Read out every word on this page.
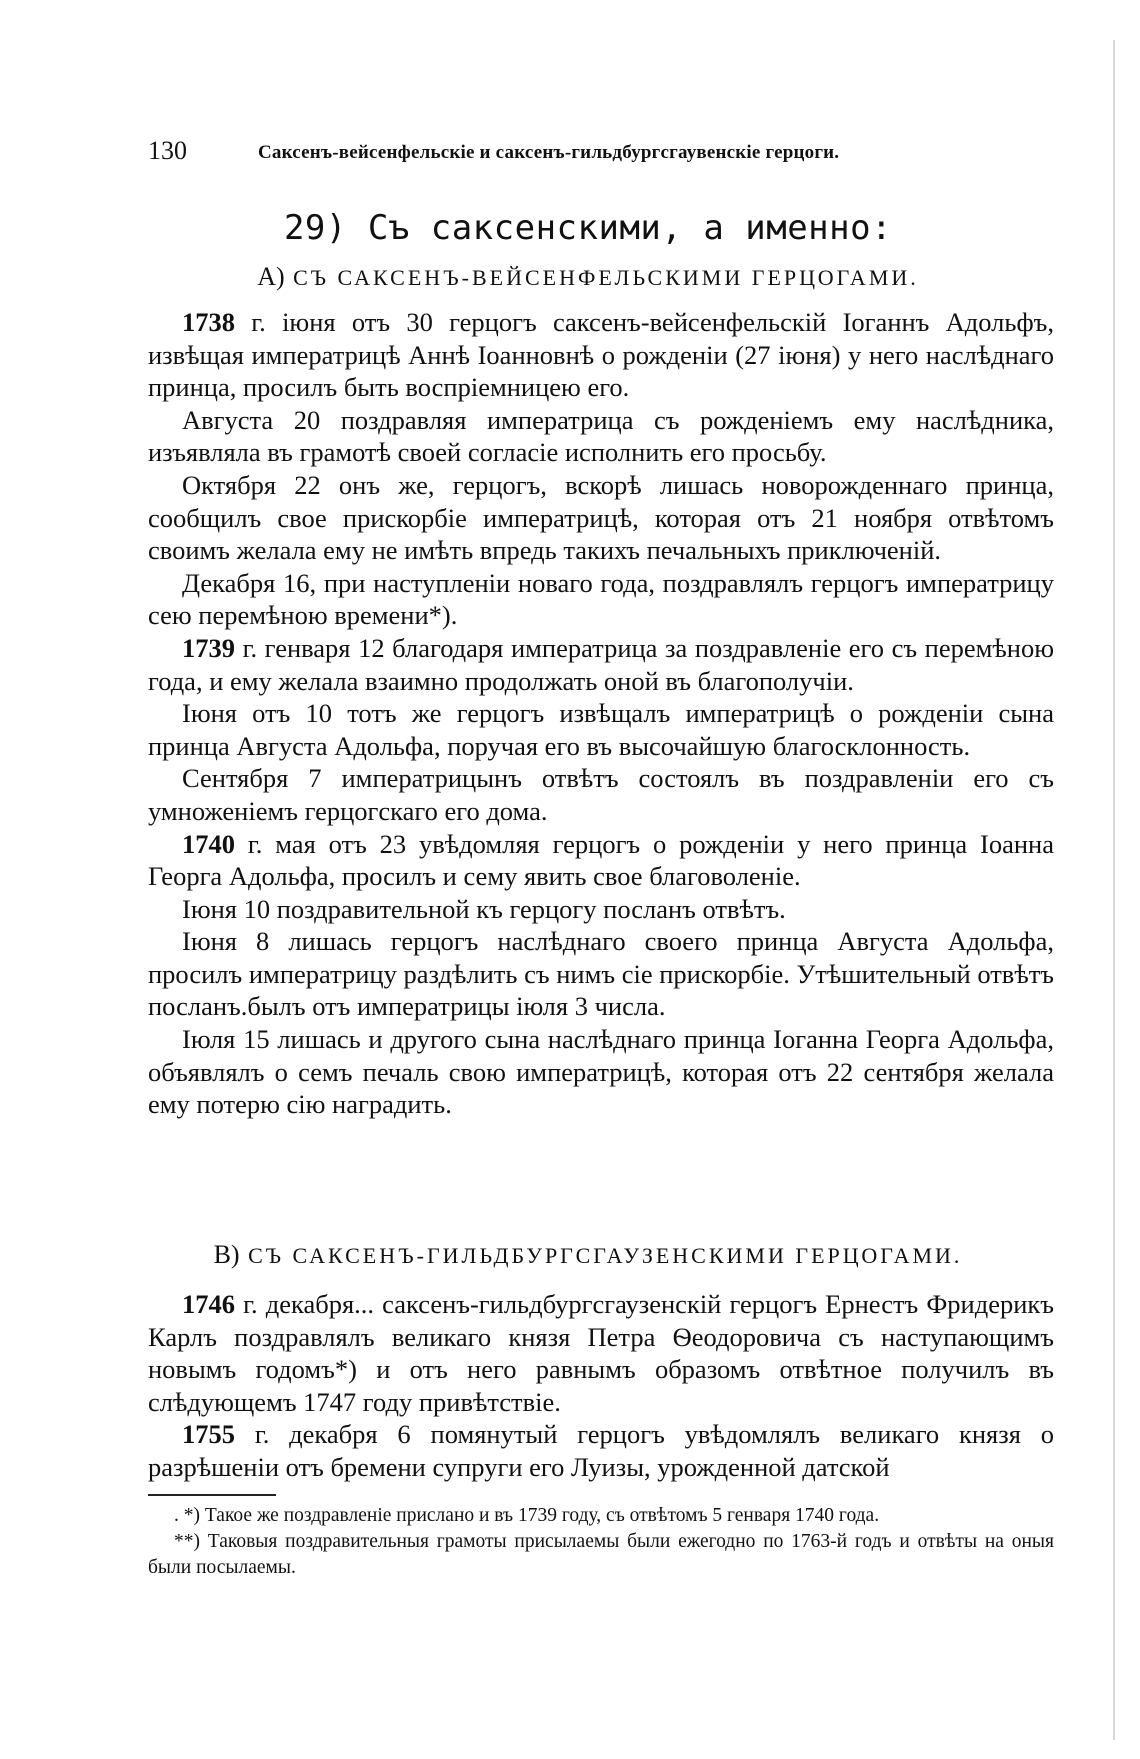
130	Саксенъ-вейсенфельскіе и саксенъ-гильдбургсгаувенскіе герцоги.
29) Съ саксенскими, а именно:
А) СЪ САКСЕНЪ-ВЕЙСЕНФЕЛЬСКИМИ ГЕРЦОГАМИ.

1738 г. іюня отъ 30 герцогъ саксенъ-вейсенфельскій Іоганнъ Адольфъ, извѣщая императрицѣ Аннѣ Іоанновнѣ о рожденіи (27 іюня) у него наслѣднаго принца, просилъ быть воспріемницею его.

Августа 20 поздравляя императрица съ рожденіемъ ему наслѣдника, изъявляла въ грамотѣ своей согласіе исполнить его просьбу.

Октября 22 онъ же, герцогъ, вскорѣ лишась новорожденнаго принца, сообщилъ свое прискорбіе императрицѣ, которая отъ 21 ноября отвѣтомъ своимъ желала ему не имѣть впредь такихъ печальныхъ приключеній.

Декабря 16, при наступленіи новаго года, поздравлялъ герцогъ императрицу сею перемѣною времени*).

1739 г. генваря 12 благодаря императрица за поздравленіе его съ перемѣною года, и ему желала взаимно продолжать оной въ благополучіи.

Іюня отъ 10 тотъ же герцогъ извѣщалъ императрицѣ о рожденіи сына принца Августа Адольфа, поручая его въ высочайшую благосклонность.

Сентября 7 императрицынъ отвѣтъ состоялъ въ поздравленіи его съ умноженіемъ герцогскаго его дома.

1740 г. мая отъ 23 увѣдомляя герцогъ о рожденіи у него принца Іоанна Георга Адольфа, просилъ и сему явить свое благоволеніе.

Іюня 10 поздравительной къ герцогу посланъ отвѣтъ.

Іюня 8 лишась герцогъ наслѣднаго своего принца Августа Адольфа, просилъ императрицу раздѣлить съ нимъ сіе прискорбіе. Утѣшительный отвѣтъ посланъ.былъ отъ императрицы іюля 3 числа.

Іюля 15 лишась и другого сына наслѣднаго принца Іоганна Георга Адольфа, объявлялъ о семъ печаль свою императрицѣ, которая отъ 22 сентября желала ему потерю сію наградить.

В) СЪ САКСЕНЪ-ГИЛЬДБУРГСГАУЗЕНСКИМИ ГЕРЦОГАМИ.

1746 г. декабря... саксенъ-гильдбургсгаузенскій герцогъ Ернестъ Фридерикъ Карлъ поздравлялъ великаго князя Петра Ѳеодоровича съ наступающимъ новымъ годомъ*) и отъ него равнымъ образомъ отвѣтное получилъ въ слѣдующемъ 1747 году привѣтствіе.

1755 г. декабря 6 помянутый герцогъ увѣдомлялъ великаго князя о разрѣшеніи отъ бремени супруги его Луизы, урожденной датской

. *) Такое же поздравленіе прислано и въ 1739 году, съ отвѣтомъ 5 генваря 1740 года.

**) Таковыя поздравительныя грамоты присылаемы были ежегодно по 1763-й годъ и отвѣты на оныя были посылаемы.
